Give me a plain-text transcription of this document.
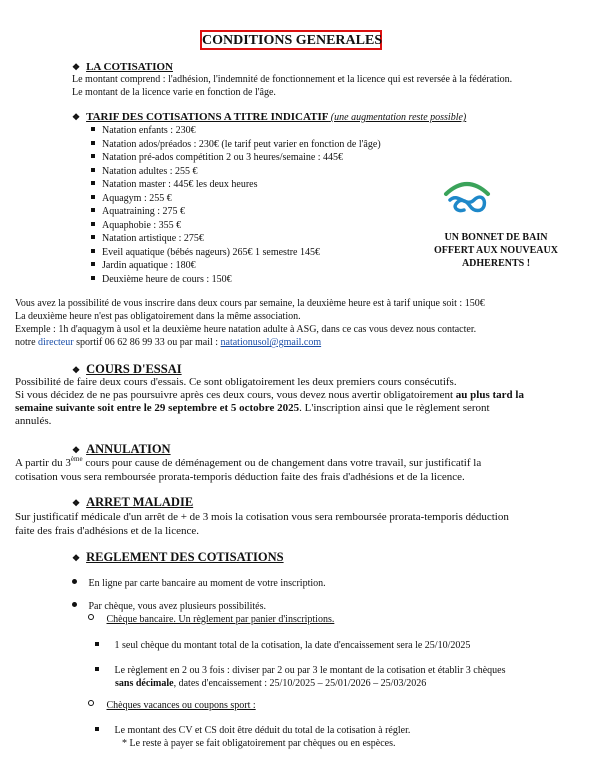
CONDITIONS GENERALES
❖ LA COTISATION
Le montant comprend : l'adhésion, l'indemnité de fonctionnement et la licence qui est reversée à la fédération.
Le montant de la licence varie en fonction de l'âge.
❖ TARIF DES COTISATIONS A TITRE INDICATIF (une augmentation reste possible)
Natation enfants : 230€
Natation ados/préados : 230€ (le tarif peut varier en fonction de l'âge)
Natation pré-ados compétition 2 ou 3 heures/semaine : 445€
Natation adultes : 255 €
Natation master : 445€ les deux heures
Aquagym : 255 €
Aquatraining : 275 €
Aquaphobie : 355 €
Natation artistique : 275€
Eveil aquatique (bébés nageurs) 265€ 1 semestre 145€
Jardin aquatique : 180€
Deuxième heure de cours : 150€
UN BONNET DE BAIN
OFFERT AUX NOUVEAUX
ADHERENTS !
Vous avez la possibilité de vous inscrire dans deux cours par semaine, la deuxième heure est à tarif unique soit : 150€
La deuxième heure n'est pas obligatoirement dans la même association.
Exemple : 1h d'aquagym à usol et la deuxième heure natation adulte à ASG, dans ce cas vous devez nous contacter.
notre directeur sportif 06 62 86 99 33 ou par mail : natationusol@gmail.com
❖ COURS D'ESSAI
Possibilité de faire deux cours d'essais. Ce sont obligatoirement les deux premiers cours consécutifs.
Si vous décidez de ne pas poursuivre après ces deux cours, vous devez nous avertir obligatoirement au plus tard la
semaine suivante soit entre le 29 septembre et 5 octobre 2025. L'inscription ainsi que le règlement seront
annulés.
❖ ANNULATION
A partir du 3ème cours pour cause de déménagement ou de changement dans votre travail, sur justificatif la
cotisation vous sera remboursée prorata-temporis déduction faite des frais d'adhésions et de la licence.
❖ ARRET MALADIE
Sur justificatif médicale d'un arrêt de + de 3 mois la cotisation vous sera remboursée prorata-temporis déduction
faite des frais d'adhésions et de la licence.
❖ REGLEMENT DES COTISATIONS
En ligne par carte bancaire au moment de votre inscription.
Par chèque, vous avez plusieurs possibilités.
Chèque bancaire. Un règlement par panier d'inscriptions.
1 seul chèque du montant total de la cotisation, la date d'encaissement sera le 25/10/2025
Le règlement en 2 ou 3 fois : diviser par 2 ou par 3 le montant de la cotisation et établir 3 chèques
sans décimale, dates d'encaissement : 25/10/2025 – 25/01/2026 – 25/03/2026
Chèques vacances ou coupons sport :
Le montant des CV et CS doit être déduit du total de la cotisation à régler.
* Le reste à payer se fait obligatoirement par chèques ou en espèces.
